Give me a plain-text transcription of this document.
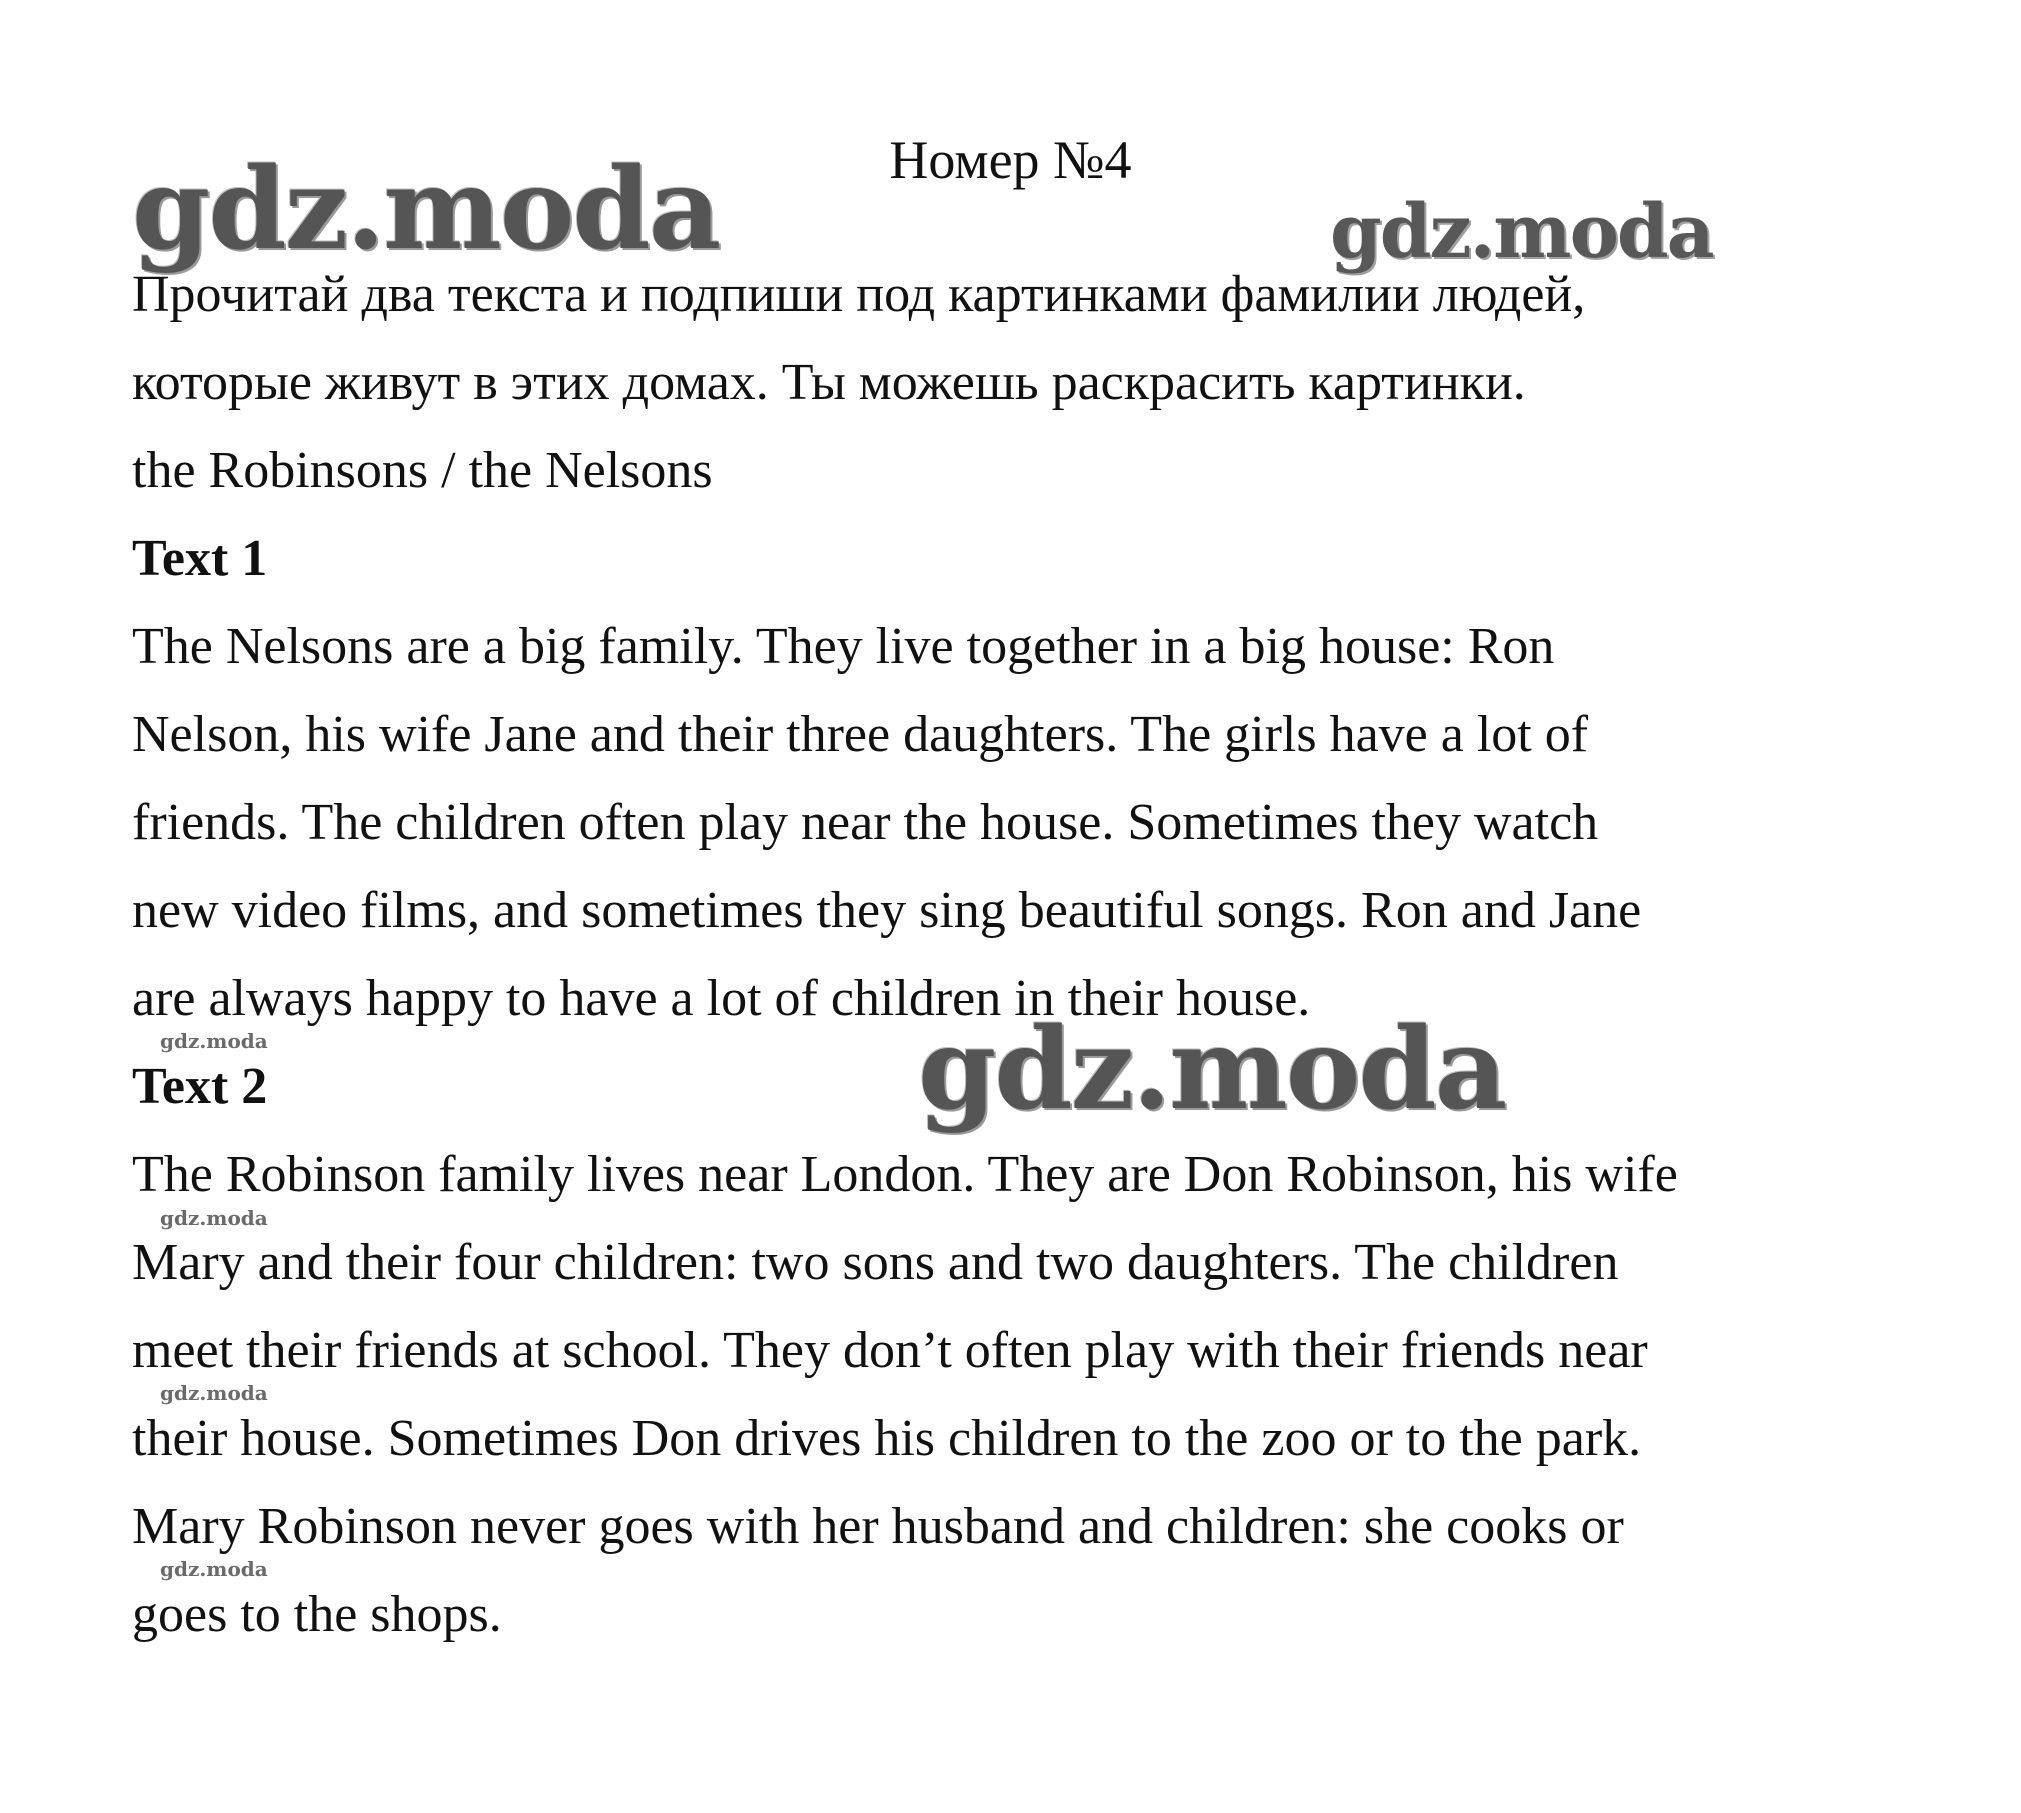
gdz.moda	gdz.moda
gdz.moda
gdz.moda
gdz.moda
gdz.moda
gdz.moda
Номер №4
Прочитай два текста и подпиши под картинками фамилии людей,
которые живут в этих домах. Ты можешь раскрасить картинки.
the Robinsons / the Nelsons
Text 1
The Nelsons are a big family. They live together in a big house: Ron
Nelson, his wife Jane and their three daughters. The girls have a lot of
friends. The children often play near the house. Sometimes they watch
new video films, and sometimes they sing beautiful songs. Ron and Jane
are always happy to have a lot of children in their house.
Text 2
The Robinson family lives near London. They are Don Robinson, his wife
Mary and their four children: two sons and two daughters. The children
meet their friends at school. They don’t often play with their friends near
their house. Sometimes Don drives his children to the zoo or to the park.
Mary Robinson never goes with her husband and children: she cooks or
goes to the shops.
